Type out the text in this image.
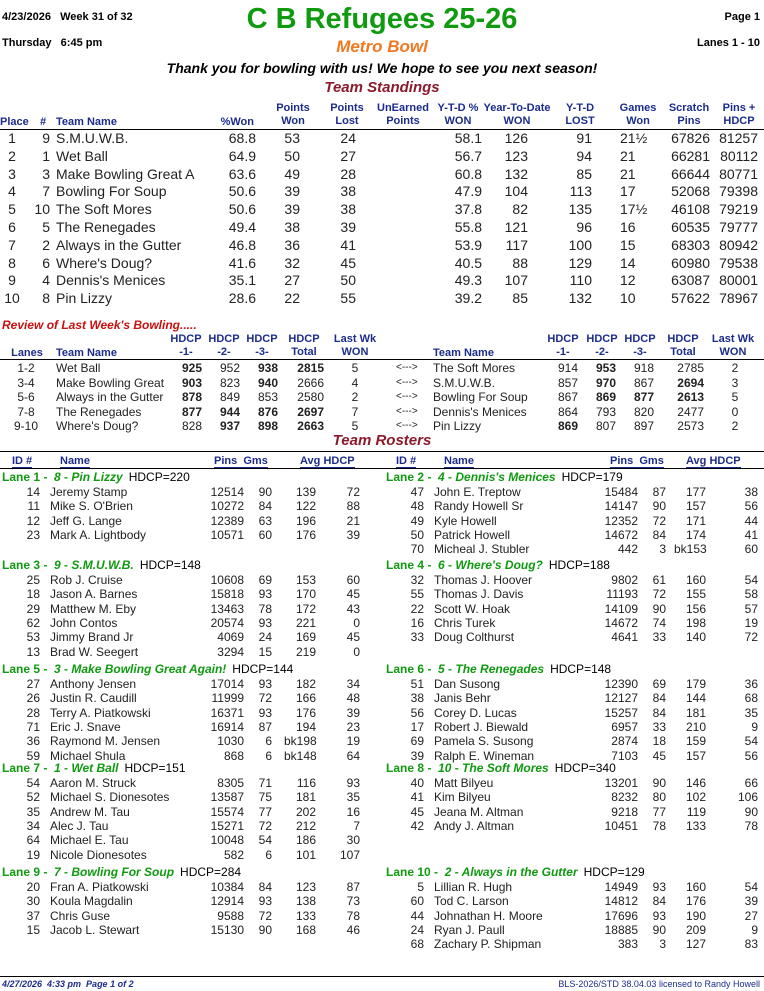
4/23/2026 Week 31 of 32	C B Refugees 25-26	Page 1
Thursday   6:45 pm	Metro Bowl	Lanes 1 - 10
Thank you for bowling with us! We hope to see you next season!
Team Standings
Place	# Team Name	%Won
Points Won
Points Lost
UnEarned Points
Y-T-D % WON
Year-To-Date WON
Y-T-D LOST
Games Won
Scratch Pins
Pins + HDCP
1	9 S.M.U.W.B.	68.8	53	24	58.1	126	91 21½	67826 81257
2	1 Wet Ball	64.9	50	27	56.7	123	94 21	66281 80112
3	3 Make Bowling Great A	63.6	49	28	60.8	132	85 21	66644 80771
4	7 Bowling For Soup	50.6	39	38	47.9	104	113 17	52068 79398
5	10 The Soft Mores	50.6	39	38	37.8	82	135 17½	46108 79219
6	5 The Renegades	49.4	38	39	55.8	121	96 16	60535 79777
7	2 Always in the Gutter	46.8	36	41	53.9	117	100 15	68303 80942
8	6 Where's Doug?	41.6	32	45	40.5	88	129 14	60980 79538
9	4 Dennis's Menices	35.1	27	50	49.3	107	110 12	63087 80001
10	8 Pin Lizzy	28.6	22	55	39.2	85	132 10	57622 78967
Review of Last Week's Bowling.....
Lanes	Team Name
HDCP -1-
HDCP -2-
HDCP -3-
HDCP Total
Last Wk WON	Team Name
HDCP -1-
HDCP -2-
HDCP -3-
HDCP Total
Last Wk WON
1-2	Wet Ball	925	952	938	2815	5	The Soft Mores	914	953	918	2785	2
<--->
3-4	Make Bowling Great	903	823	940	2666	4	S.M.U.W.B.	857	970	867	2694	3
<--->
5-6	Always in the Gutter	878	849	853	2580	2	Bowling For Soup	867	869	877	2613	5
<--->
7-8	The Renegades	877	944	876	2697	7	Dennis's Menices	864	793	820	2477	0
<--->
9-10	Where's Doug?	828	937	898	2663	5	Pin Lizzy	869	807	897	2573	2
<--->
Team Rosters
ID #	Name	Pins Gms	Avg HDCP	ID #	Name	Pins Gms Avg HDCP
Lane 1 - 8 - Pin Lizzy HDCP=220
14 Jeremy Stamp	12514	90	139	72
11 Mike S. O'Brien	10272	84	122	88
12 Jeff G. Lange	12389	63	196	21
23 Mark A. Lightbody	10571	60	176	39
Lane 2 - 4 - Dennis's Menices HDCP=179
47 John E. Treptow	15484	87	177	38
48 Randy Howell Sr	14147	90	157	56
49 Kyle Howell	12352	72	171	44
50 Patrick Howell	14672	84	174	41
70 Micheal J. Stubler	442	3 bk153	60
Lane 3 - 9 - S.M.U.W.B. HDCP=148
25 Rob J. Cruise	10608	69	153	60
18 Jason A. Barnes	15818	93	170	45
29 Matthew M. Eby	13463	78	172	43
62 John Contos	20574	93	221	0
53 Jimmy Brand Jr	4069	24	169	45
13 Brad W. Seegert	3294	15	219	0
Lane 4 - 6 - Where's Doug? HDCP=188
32 Thomas J. Hoover	9802	61	160	54
55 Thomas J. Davis	11193	72	155	58
22 Scott W. Hoak	14109	90	156	57
16 Chris Turek	14672	74	198	19
33 Doug Colthurst	4641	33	140	72
Lane 5 - 3 - Make Bowling Great Again! HDCP=144
27 Anthony Jensen	17014	93	182	34
26 Justin R. Caudill	11999	72	166	48
28 Terry A. Piatkowski	16371	93	176	39
71 Eric J. Snave	16914	87	194	23
36 Raymond M. Jensen	1030	6 bk198	19
59 Michael Shula	868	6 bk148	64
Lane 6 - 5 - The Renegades HDCP=148
51 Dan Susong	12390	69	179	36
38 Janis Behr	12127	84	144	68
56 Corey D. Lucas	15257	84	181	35
17 Robert J. Biewald	6957	33	210	9
69 Pamela S. Susong	2874	18	159	54
39 Ralph E. Wineman	7103	45	157	56
Lane 7 - 1 - Wet Ball HDCP=151
54 Aaron M. Struck	8305	71	116	93
52 Michael S. Dionesotes	13587	75	181	35
35 Andrew M. Tau	15574	77	202	16
34 Alec J. Tau	15271	72	212	7
64 Michael E. Tau	10048	54	186	30
19 Nicole Dionesotes	582	6	101	107
Lane 8 - 10 - The Soft Mores HDCP=340
40 Matt Bilyeu	13201	90	146	66
41 Kim Bilyeu	8232	80	102	106
45 Jeana M. Altman	9218	77	119	90
42 Andy J. Altman	10451	78	133	78
Lane 9 - 7 - Bowling For Soup HDCP=284
20 Fran A. Piatkowski	10384	84	123	87
30 Koula Magdalin	12914	93	138	73
37 Chris Guse	9588	72	133	78
15 Jacob L. Stewart	15130	90	168	46
Lane 10 - 2 - Always in the Gutter HDCP=129
5 Lillian R. Hugh	14949	93	160	54
60 Tod C. Larson	14812	84	176	39
44 Johnathan H. Moore	17696	93	190	27
24 Ryan J. Paull	18885	90	209	9
68 Zachary P. Shipman	383	3	127	83
4/27/2026  4:33 pm  Page 1 of 2	BLS-2026/STD 38.04.03 licensed to Randy Howell
